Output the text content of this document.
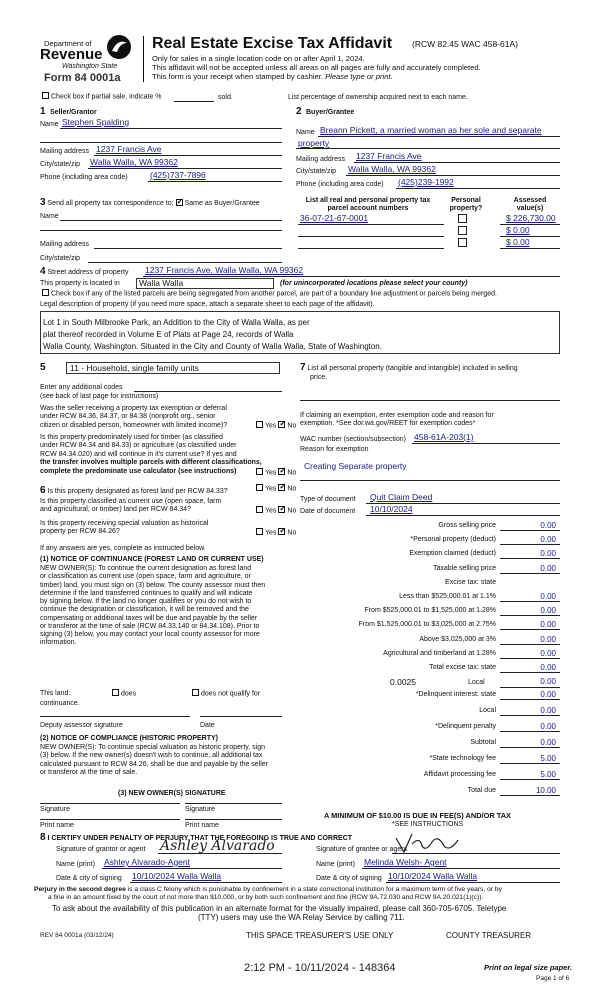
Department of
Revenue
Washington State
Form 84 0001a
Real Estate Excise Tax Affidavit (RCW 82.45 WAC 458-61A)
Only for sales in a single location code on or after April 1, 2024.
This affidavit will not be accepted unless all areas on all pages are fully and accurately completed.
This form is your receipt when stamped by cashier. Please type or print.
Check box if partial sale, indicate %	sold.	List percentage of ownership acquired next to each name.
1 Seller/Grantor
Name Stephen Spalding
Mailing address 1237 Francis Ave
City/state/zip Walla Walla, WA 99362
Phone (including area code)	(425)737-7896
2 Buyer/Grantee
Name Breann Pickett, a married woman as her sole and separate
property
Mailing address 1237 Francis Ave
City/state/zip Walla Walla, WA 99362
Phone (including area code) (425)239-1992
3 Send all property tax correspondence to: ✓ Same as Buyer/Grantee
Name
Mailing address
City/state/zip
List all real and personal property tax
parcel account numbers
Personal
property?
Assessed
value(s)
36-07-21-67-0001	$ 226,730.00
$ 0.00
$ 0.00
4 Street address of property 1237 Francis Ave, Walla Walla, WA 99362
This property is located in Walla Walla	(for unincorporated locations please select your county)
Check box if any of the listed parcels are being segregated from another parcel, are part of a boundary line adjustment or parcels being merged.
Legal description of property (if you need more space, attach a separate sheet to each page of the affidavit).
Lot 1 in South Milbrooke Park, an Addition to the City of Walla Walla, as per
plat thereof recorded in Volume E of Plats at Page 24, records of Walla
Walla County, Washington. Situated in the City and County of Walla Walla, State of Washington.
5	11 - Household, single family units
Enter any additional codes
(see back of last page for instructions)
Was the seller receiving a property tax exemption or deferral
under RCW 84.36, 84.37, or 84.38 (nonprofit org., senior
citizen or disabled person, homeowner with limited income)?	Yes ✓ No
Is this property predominately used for timber (as classified
under RCW 84.34 and 84.33) or agriculture (as classified under
RCW 84.34.020) and will continue in it's current use? If yes and
the transfer involves multiple parcels with different classifications,
complete the predominate use calculator (see instructions)	Yes ✓ No
6 Is this property designated as forest land per RCW 84.33?	Yes ✓ No
Is this property classified as current use (open space, farm
and agricultural, or timber) land per RCW 84.34?	Yes ✓ No
Is this property receiving special valuation as historical
property per RCW 84.26?	Yes ✓ No
If any answers are yes, complete as instructed below.
(1) NOTICE OF CONTINUANCE (FOREST LAND OR CURRENT USE)
NEW OWNER(S): To continue the current designation as forest land
or classification as current use (open space, farm and agriculture, or
timber) land, you must sign on (3) below. The county assessor must then
determine if the land transferred continues to qualify and will indicate
by signing below. If the land no longer qualifies or you do not wish to
continue the designation or classification, it will be removed and the
compensating or additional taxes will be due and payable by the seller
or transferor at the time of sale (RCW 84.33.140 or 84.34.108). Prior to
signing (3) below, you may contact your local county assessor for more
information.
This land:	does	does not qualify for
continuance.
Deputy assessor signature	Date
(2) NOTICE OF COMPLIANCE (HISTORIC PROPERTY)
NEW OWNER(S): To continue special valuation as historic property, sign
(3) below. If the new owner(s) doesn't wish to continue, all additional tax
calculated pursuant to RCW 84.26, shall be due and payable by the seller
or transferor at the time of sale.
(3) NEW OWNER(S) SIGNATURE
Signature	Signature
Print name	Print name
7 List all personal property (tangible and intangible) included in selling
price.
If claiming an exemption, enter exemption code and reason for
exemption. *See dor.wa.gov/REET for exemption codes*
WAC number (section/subsection) 458-61A-203(1)
Reason for exemption
Creating Separate property
Type of document Quit Claim Deed
Date of document 10/10/2024
Gross selling price	0.00
*Personal property (deduct)	0.00
Exemption claimed (deduct)	0.00
Taxable selling price	0.00
Excise tax: state
Less than $525,000.01 at 1.1%	0.00
From $525,000.01 to $1,525,000 at 1.28%	0.00
From $1,525,000.01 to $3,025,000 at 2.75%	0.00
Above $3,025,000 at 3%	0.00
Agricultural and timberland at 1.28%	0.00
Total excise tax: state	0.00
0.0025	Local	0.00
*Delinquent interest: state	0.00
Local	0.00
*Delinquent penalty	0.00
Subtotal	0.00
*State technology fee	5.00
Affidavit processing fee	5.00
Total due	10.00
A MINIMUM OF $10.00 IS DUE IN FEE(S) AND/OR TAX
*SEE INSTRUCTIONS
8 I CERTIFY UNDER PENALTY OF PERJURY THAT THE FOREGOING IS TRUE AND CORRECT
Signature of grantor or agent Ashley Alvarado
Name (print) Ashley Alvarado-Agent
Date & city of signing 10/10/2024 Walla Walla
Signature of grantee or agent
Name (print) Melinda Welsh- Agent
Date & city of signing 10/10/2024 Walla Walla
Perjury in the second degree is a class C felony which is punishable by confinement in a state correctional institution for a maximum term of five years, or by
a fine in an amount fixed by the court of not more than $10,000, or by both such confinement and fine (RCW 9A.72.030 and RCW 9A.20.021(1)(c)).
To ask about the availability of this publication in an alternate format for the visually impaired, please call 360-705-6705. Teletype
(TTY) users may use the WA Relay Service by calling 711.
REV 84 0001a (03/12/24)	THIS SPACE TREASURER'S USE ONLY	COUNTY TREASURER
2:12 PM - 10/11/2024 - 148364	Print on legal size paper.
Page 1 of 6
